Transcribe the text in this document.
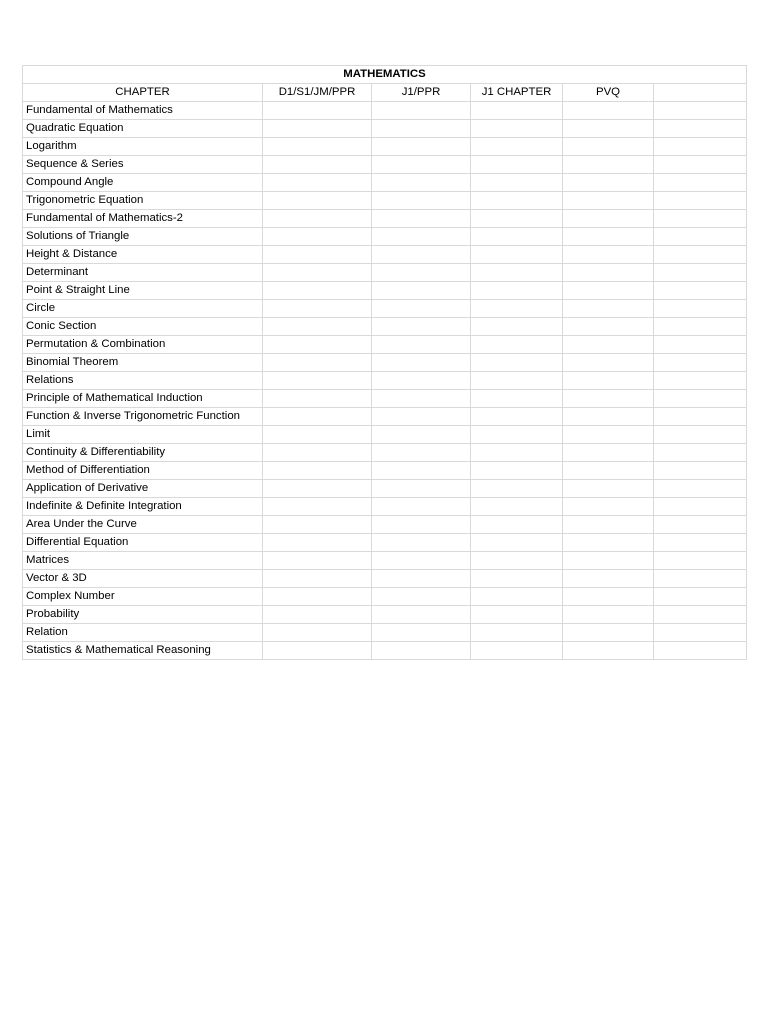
MATHEMATICS					
CHAPTER	D1/S1/JM/PPR	J1/PPR	J1 CHAPTER	PVQ	
Fundamental of Mathematics					
Quadratic Equation					
Logarithm					
Sequence & Series					
Compound Angle					
Trigonometric Equation					
Fundamental of Mathematics-2					
Solutions of Triangle					
Height & Distance					
Determinant					
Point & Straight Line					
Circle					
Conic Section					
Permutation & Combination					
Binomial Theorem					
Relations					
Principle of Mathematical Induction					
Function & Inverse Trigonometric Function					
Limit					
Continuity & Differentiability					
Method of Differentiation					
Application of Derivative					
Indefinite & Definite Integration					
Area Under the Curve					
Differential Equation					
Matrices					
Vector & 3D					
Complex Number					
Probability					
Relation					
Statistics & Mathematical Reasoning					
